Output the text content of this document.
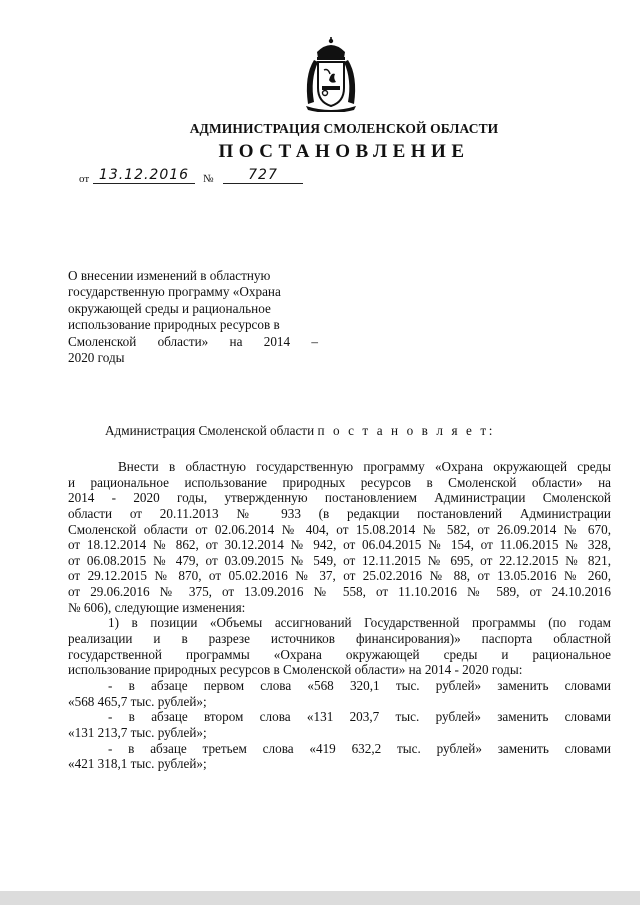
АДМИНИСТРАЦИЯ СМОЛЕНСКОЙ ОБЛАСТИ
ПОСТАНОВЛЕНИЕ
от 13.12.2016	№	727
О внесении изменений в областную
государственную программу «Охрана
окружающей среды и рациональное
использование природных ресурсов в
Смоленской области» на 2014 –
2020 годы
Администрация Смоленской области п о с т а н о в л я е т:
Внести в областную государственную программу «Охрана окружающей среды
и рациональное использование природных ресурсов в Смоленской области» на
2014 - 2020 годы, утвержденную постановлением Администрации Смоленской
области от 20.11.2013 № 933 (в редакции постановлений Администрации
Смоленской области от 02.06.2014 № 404, от 15.08.2014 № 582, от 26.09.2014 № 670,
от 18.12.2014 № 862, от 30.12.2014 № 942, от 06.04.2015 № 154, от 11.06.2015 № 328,
от 06.08.2015 № 479, от 03.09.2015 № 549, от 12.11.2015 № 695, от 22.12.2015 № 821,
от 29.12.2015 № 870, от 05.02.2016 № 37, от 25.02.2016 № 88, от 13.05.2016 № 260,
от 29.06.2016 № 375, от 13.09.2016 № 558, от 11.10.2016 № 589, от 24.10.2016
№ 606), следующие изменения:
1) в позиции «Объемы ассигнований Государственной программы (по годам
реализации и в разрезе источников финансирования)» паспорта областной
государственной программы «Охрана окружающей среды и рациональное
использование природных ресурсов в Смоленской области» на 2014 - 2020 годы:
- в абзаце первом слова «568 320,1 тыс. рублей» заменить словами
«568 465,7 тыс. рублей»;
- в абзаце втором слова «131 203,7 тыс. рублей» заменить словами
«131 213,7 тыс. рублей»;
- в абзаце третьем слова «419 632,2 тыс. рублей» заменить словами
«421 318,1 тыс. рублей»;
